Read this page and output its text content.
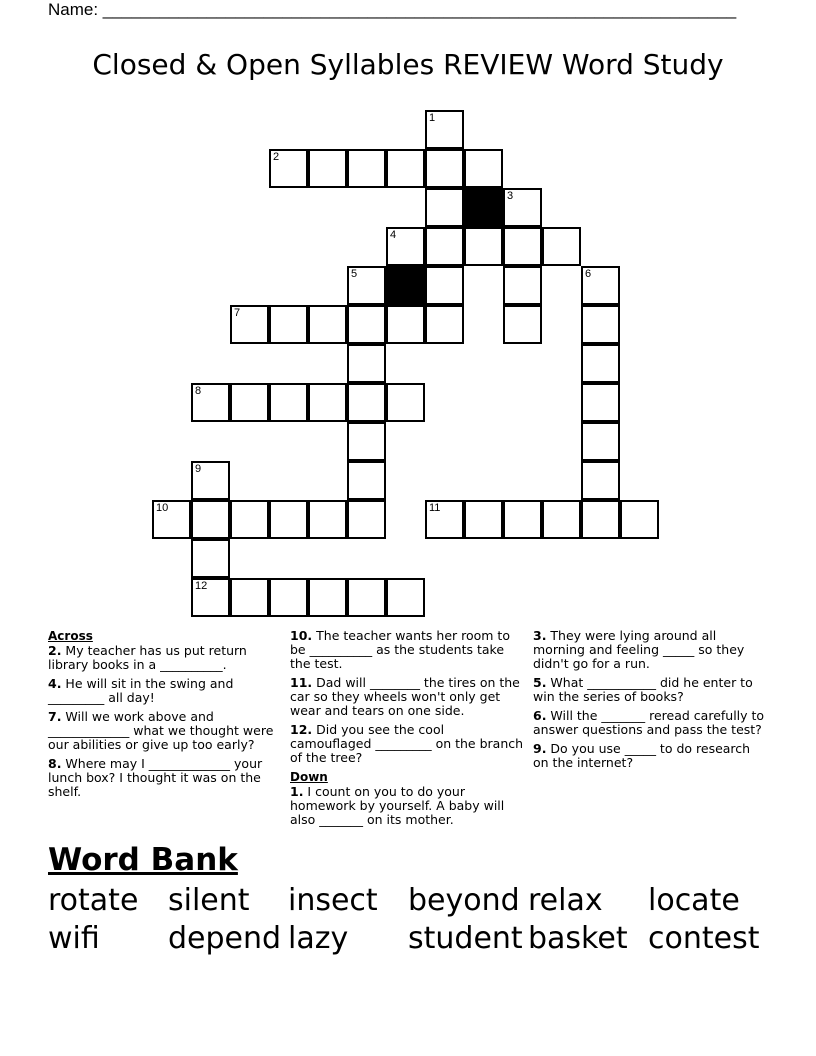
Name: ___________________________________________________________________
Closed & Open Syllables REVIEW Word Study
1
2
3
4
5	6
7
8
9
10	11
12
Across
2. My teacher has us put return library books in a __________.
4. He will sit in the swing and _________ all day!
7. Will we work above and _____________ what we thought were our abilities or give up too early?
8. Where may I _____________ your lunch box? I thought it was on the shelf.
10. The teacher wants her room to be __________ as the students take the test.
11. Dad will ________ the tires on the car so they wheels won't only get wear and tears on one side.
12. Did you see the cool camouflaged _________ on the branch of the tree?
Down
1. I count on you to do your homework by yourself. A baby will also _______ on its mother.
3. They were lying around all morning and feeling _____ so they didn't go for a run.
5. What ___________ did he enter to win the series of books?
6. Will the _______ reread carefully to answer questions and pass the test?
9. Do you use _____ to do research on the internet?
Word Bank
rotate silent insect beyond relax locate
wifi depend lazy student basket contest
